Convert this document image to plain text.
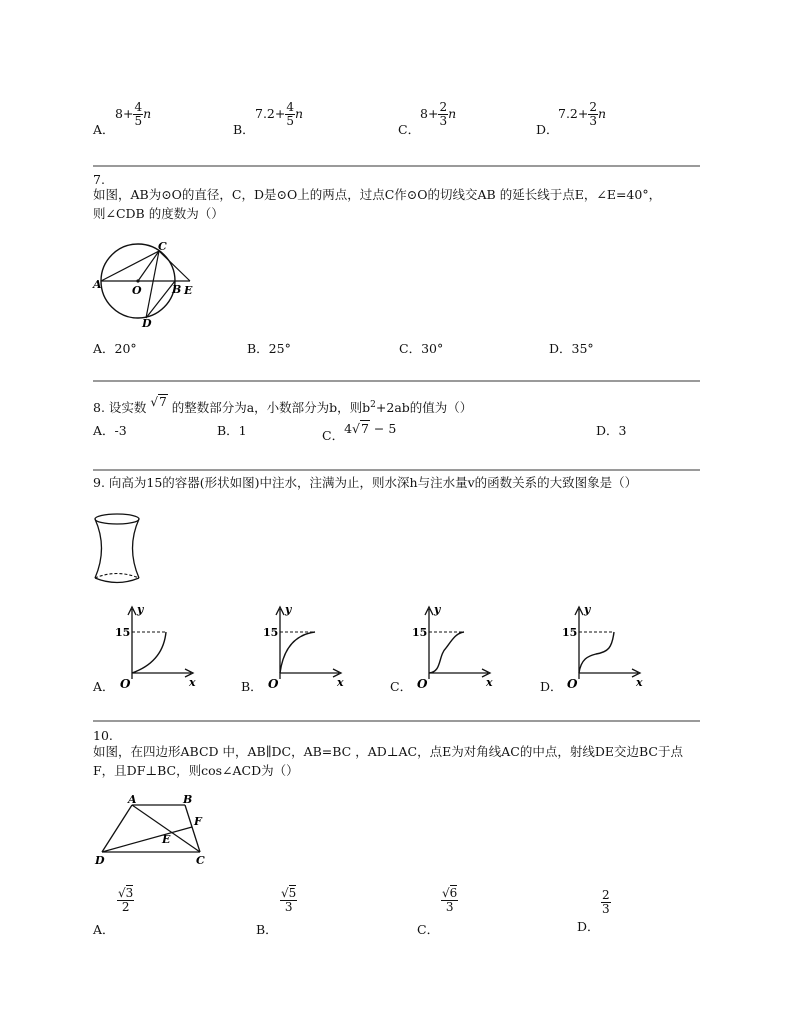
A．
$8+ \frac{4}{5}$ n
B．
$7.2+ \frac{4}{5}$ n
C．
$8+ \frac{2}{3}$ n
D．
$7.2+ \frac{2}{3}$ n
7.
如图，AB为⊙O的直径，C，D是⊙O上的两点，过点C作⊙O的切线交AB 的延长线于点E，∠E=40°，
则∠CDB 的度数为（）
A	O	B E
C
D
A．20°	B．25°	C．30°	D．35°
8. 设实数 √7 的整数部分为a，小数部分为b，则$b^2+2ab$的值为（）
A．-3	B．1	C．4√7 − 5	D．3
9. 向高为15的容器(形状如图)中注水，注满为止，则水深h与注水量v的函数关系的大致图象是（）
A．
y
x
O
15
B．
y
x
O
15
C．
y
x
O
15
D．
y
x
O
15
10.
如图，在四边形ABCD 中，AB∥DC，AB=BC ，AD⊥AC，点E为对角线AC的中点，射线DE交边BC于点
F，且DF⊥BC，则cos∠ACD为（）
A	B
F
E
D	C
A．
$\frac{√3}{2}$
B．
$\frac{√5}{3}$
C．
$\frac{√6}{3}$
D．
$\frac{2}{3}$
